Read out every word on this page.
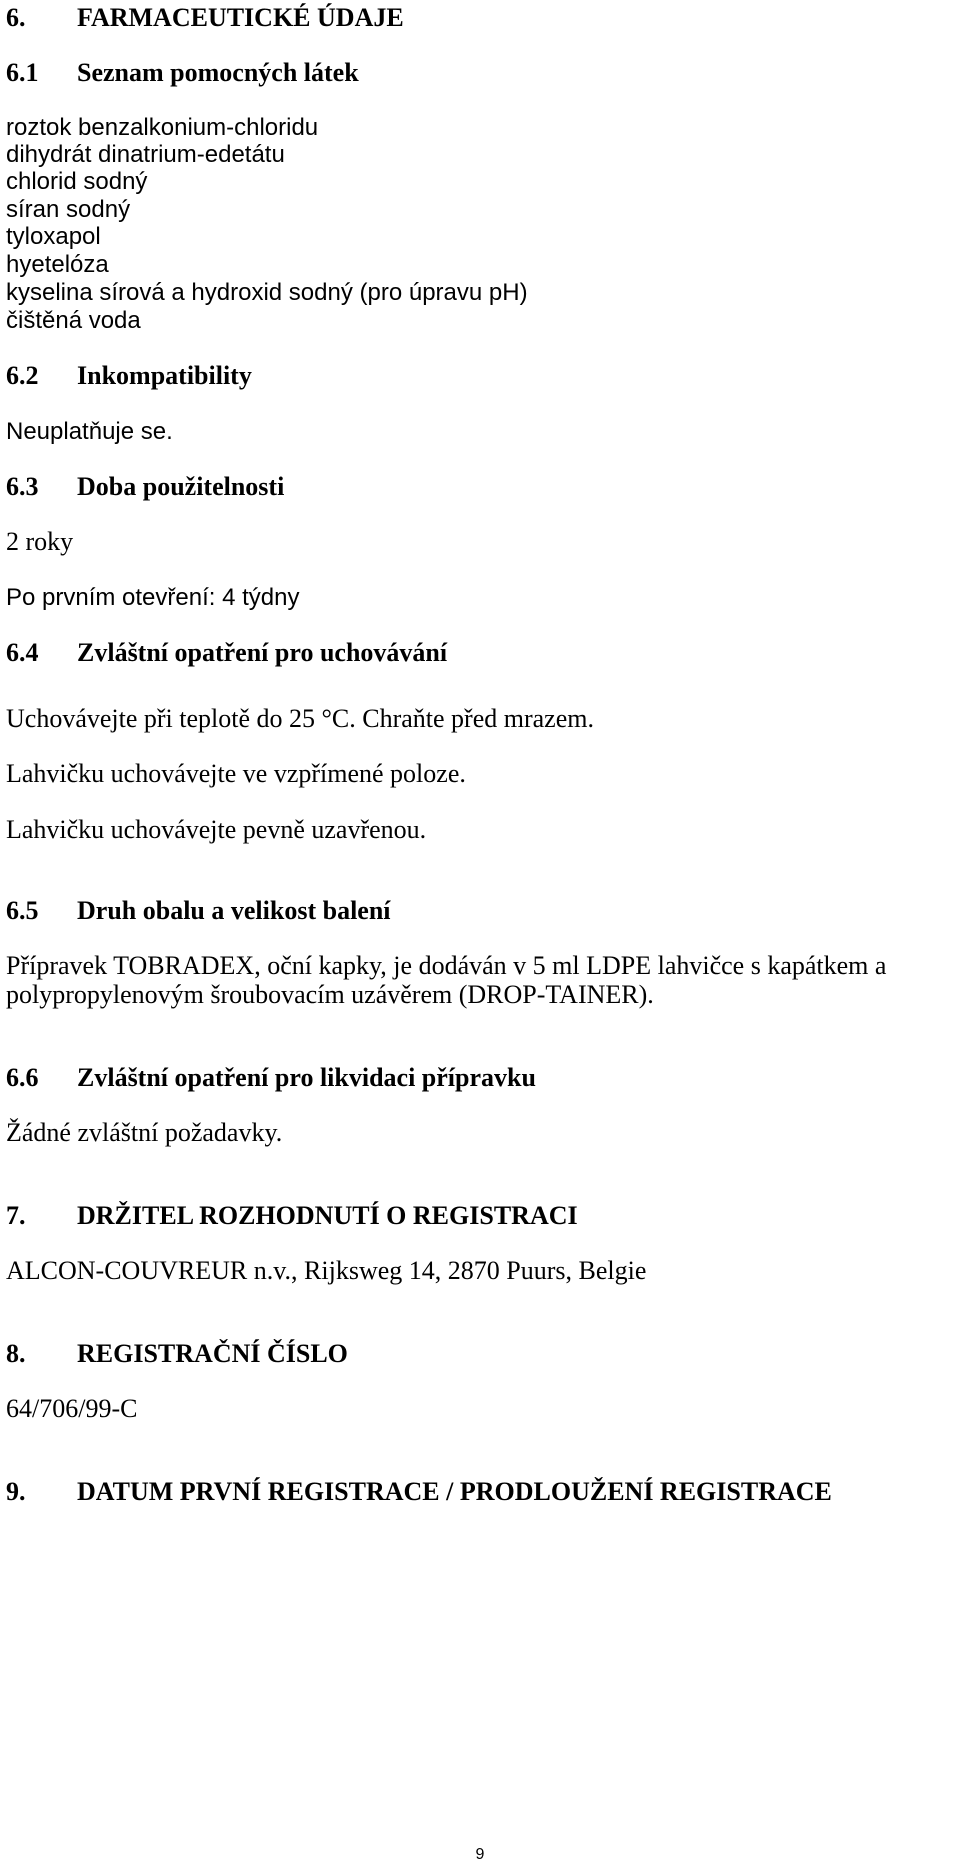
6. FARMACEUTICKÉ ÚDAJE
6.1 Seznam pomocných látek
roztok benzalkonium-chloridu
dihydrát dinatrium-edetátu
chlorid sodný
síran sodný
tyloxapol
hyetelóza
kyselina sírová a hydroxid sodný (pro úpravu pH)
čištěná voda
6.2 Inkompatibility
Neuplatňuje se.
6.3 Doba použitelnosti
2 roky
Po prvním otevření: 4 týdny
6.4 Zvláštní opatření pro uchovávání
Uchovávejte při teplotě do 25 °C. Chraňte před mrazem.
Lahvičku uchovávejte ve vzpřímené poloze.
Lahvičku uchovávejte pevně uzavřenou.
6.5 Druh obalu a velikost balení
Přípravek TOBRADEX, oční kapky, je dodáván v 5 ml LDPE lahvičce s kapátkem a
polypropylenovým šroubovacím uzávěrem (DROP-TAINER).
6.6 Zvláštní opatření pro likvidaci přípravku
Žádné zvláštní požadavky.
7. DRŽITEL ROZHODNUTÍ O REGISTRACI
ALCON-COUVREUR n.v., Rijksweg 14, 2870 Puurs, Belgie
8. REGISTRAČNÍ ČÍSLO
64/706/99-C
9. DATUM PRVNÍ REGISTRACE / PRODLOUŽENÍ REGISTRACE
9
